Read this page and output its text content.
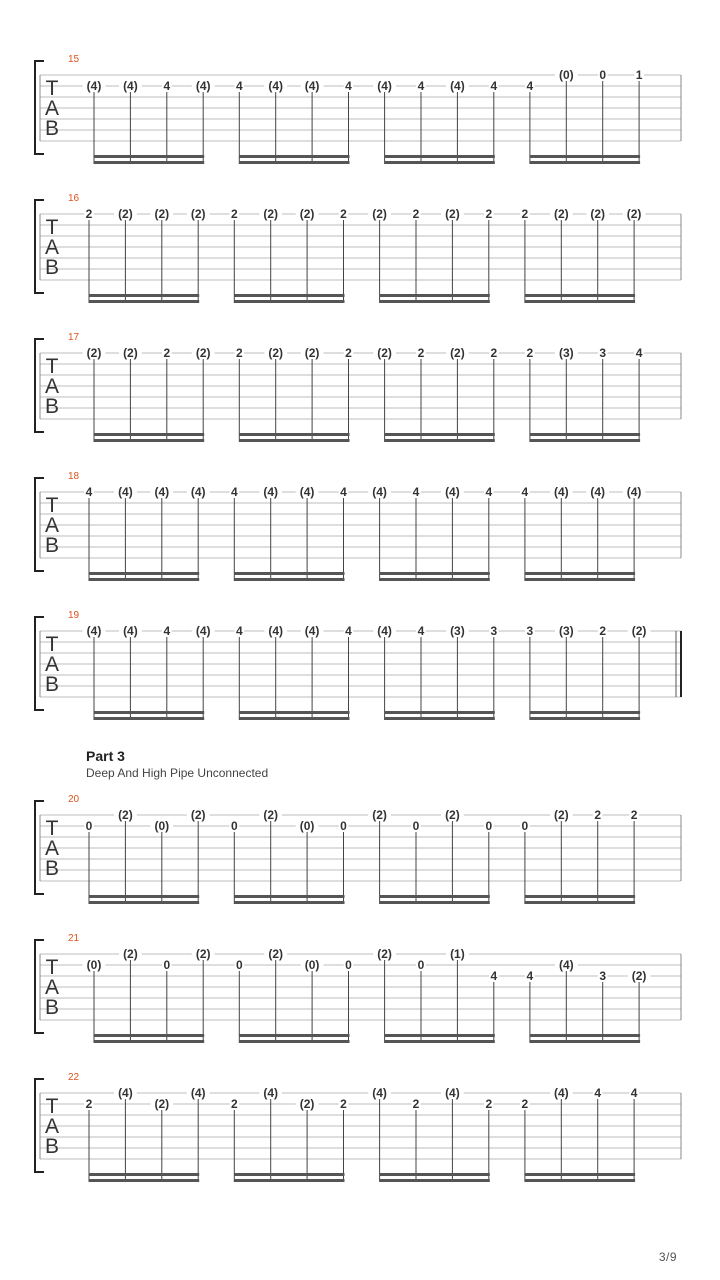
15
T
A
B
(4) (4) 4 (4) 4 (4) (4) 4 (4) 4 (4) 4 4
(0) 0 1
16
T
A
B
2 (2) (2) (2) 2 (2) (2) 2 (2) 2 (2) 2 2 (2) (2) (2)
17
T
A
B
(2) (2) 2 (2) 2 (2) (2) 2 (2) 2 (2) 2 2 (3) 3 4
18
T
A
B
4 (4) (4) (4) 4 (4) (4) 4 (4) 4 (4) 4 4 (4) (4) (4)
19
T
A
B
(4) (4) 4 (4) 4 (4) (4) 4 (4) 4 (3) 3 3 (3) 2 (2)
20
T
A
B
0
(2)
(0)
(2)
0
(2)
(0) 0
(2)
0
(2)
0 0
(2) 2 2
21
T
A
B
(0)
(2)
0
(2)
0
(2)
(0) 0
(2)
0
(1)
4 4
(4)
3 (2)
22
T
A
B
2
(4)
(2)
(4)
2
(4)
(2) 2
(4)
2
(4)
2 2
(4) 4 4
Part 3
Deep And High Pipe Unconnected
3/9
